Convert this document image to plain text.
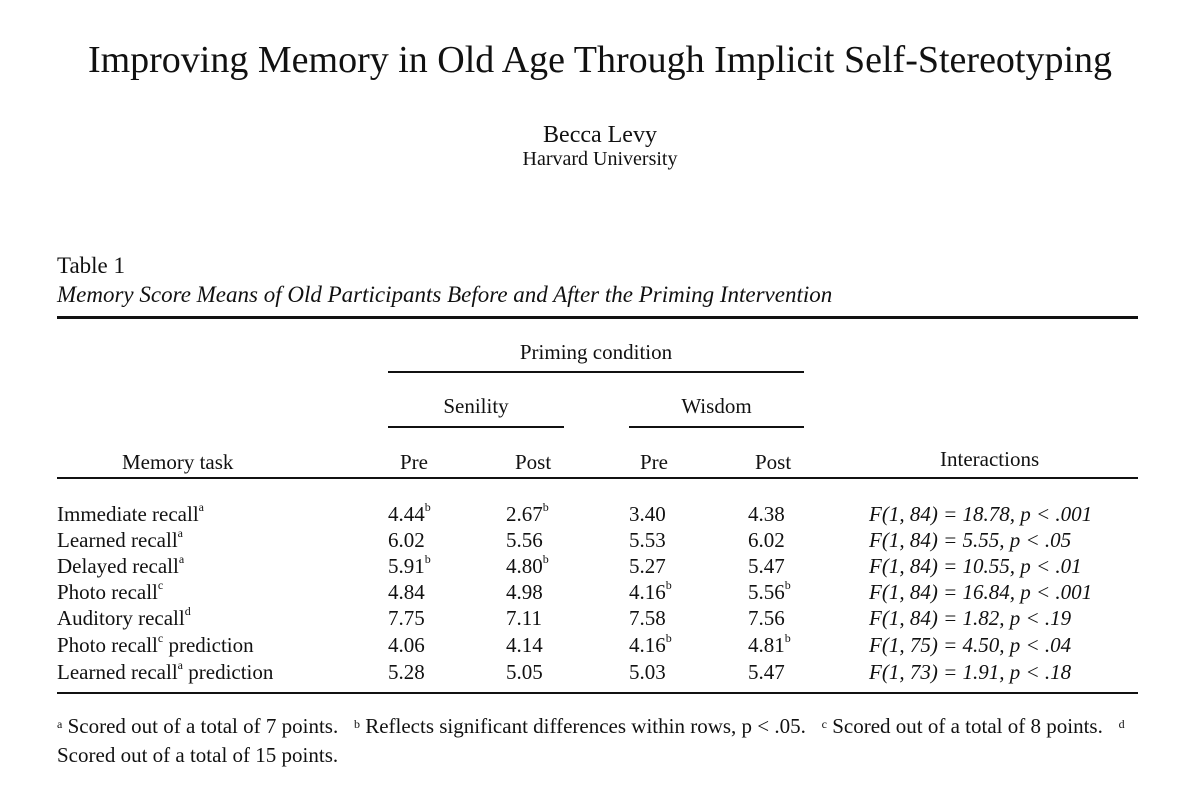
Improving Memory in Old Age Through Implicit Self-Stereotyping
Becca Levy
Harvard University
Table 1
Memory Score Means of Old Participants Before and After the Priming Intervention
Priming condition
Senility	Wisdom
Memory task	Pre	Post	Pre	Post	Interactions
Immediate recall$^a$	4.44$^b$	2.67$^b$	3.40	4.38	F(1, 84) = 18.78, p < .001
Learned recall$^a$	6.02	5.56	5.53	6.02	F(1, 84) = 5.55, p < .05
Delayed recall$^a$	5.91$^b$	4.80$^b$	5.27	5.47	F(1, 84) = 10.55, p < .01
Photo recall$^c$	4.84	4.98	4.16$^b$	5.56$^b$	F(1, 84) = 16.84, p < .001
Auditory recall$^d$	7.75	7.11	7.58	7.56	F(1, 84) = 1.82, p < .19
Photo recall$^c$ prediction	4.06	4.14	4.16$^b$	4.81$^b$	F(1, 75) = 4.50, p < .04
Learned recall$^a$ prediction	5.28	5.05	5.03	5.47	F(1, 73) = 1.91, p < .18
$^a$ Scored out of a total of 7 points. $^b$ Reflects significant differences within rows, p < .05. $^c$ Scored out of a total of 8 points. $^d$ Scored out of a total of 15 points.
